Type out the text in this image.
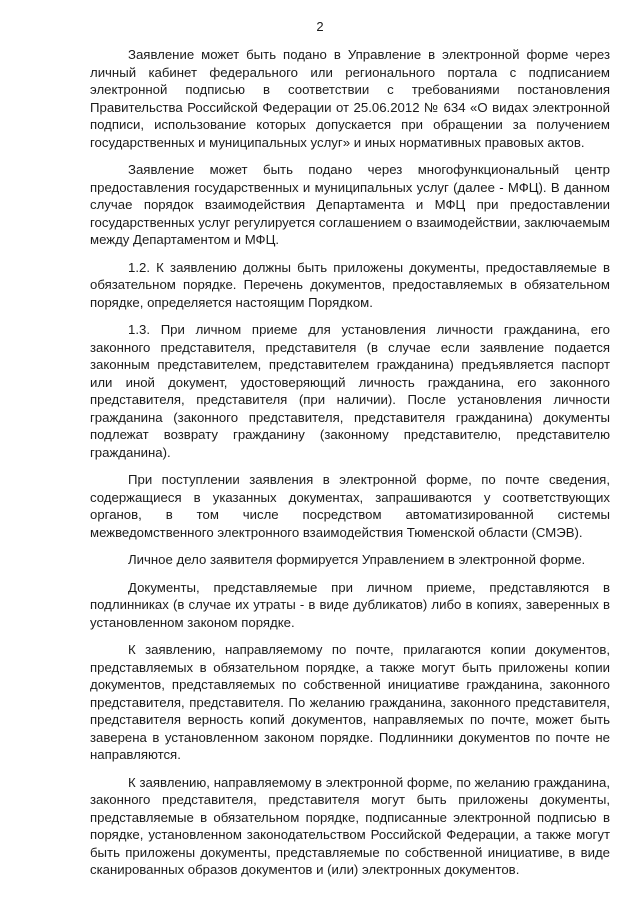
2

Заявление может быть подано в Управление в электронной форме через личный кабинет федерального или регионального портала с подписанием электронной подписью в соответствии с требованиями постановления Правительства Российской Федерации от 25.06.2012 № 634 «О видах электронной подписи, использование которых допускается при обращении за получением государственных и муниципальных услуг» и иных нормативных правовых актов.

Заявление может быть подано через многофункциональный центр предоставления государственных и муниципальных услуг (далее - МФЦ). В данном случае порядок взаимодействия Департамента и МФЦ при предоставлении государственных услуг регулируется соглашением о взаимодействии, заключаемым между Департаментом и МФЦ.

1.2. К заявлению должны быть приложены документы, предоставляемые в обязательном порядке. Перечень документов, предоставляемых в обязательном порядке, определяется настоящим Порядком.

1.3. При личном приеме для установления личности гражданина, его законного представителя, представителя (в случае если заявление подается законным представителем, представителем гражданина) предъявляется паспорт или иной документ, удостоверяющий личность гражданина, его законного представителя, представителя (при наличии). После установления личности гражданина (законного представителя, представителя гражданина) документы подлежат возврату гражданину (законному представителю, представителю гражданина).

При поступлении заявления в электронной форме, по почте сведения, содержащиеся в указанных документах, запрашиваются у соответствующих органов, в том числе посредством автоматизированной системы межведомственного электронного взаимодействия Тюменской области (СМЭВ).

Личное дело заявителя формируется Управлением в электронной форме.

Документы, представляемые при личном приеме, представляются в подлинниках (в случае их утраты - в виде дубликатов) либо в копиях, заверенных в установленном законом порядке.

К заявлению, направляемому по почте, прилагаются копии документов, представляемых в обязательном порядке, а также могут быть приложены копии документов, представляемых по собственной инициативе гражданина, законного представителя, представителя. По желанию гражданина, законного представителя, представителя верность копий документов, направляемых по почте, может быть заверена в установленном законом порядке. Подлинники документов по почте не направляются.

К заявлению, направляемому в электронной форме, по желанию гражданина, законного представителя, представителя могут быть приложены документы, представляемые в обязательном порядке, подписанные электронной подписью в порядке, установленном законодательством Российской Федерации, а также могут быть приложены документы, представляемые по собственной инициативе, в виде сканированных образов документов и (или) электронных документов.
